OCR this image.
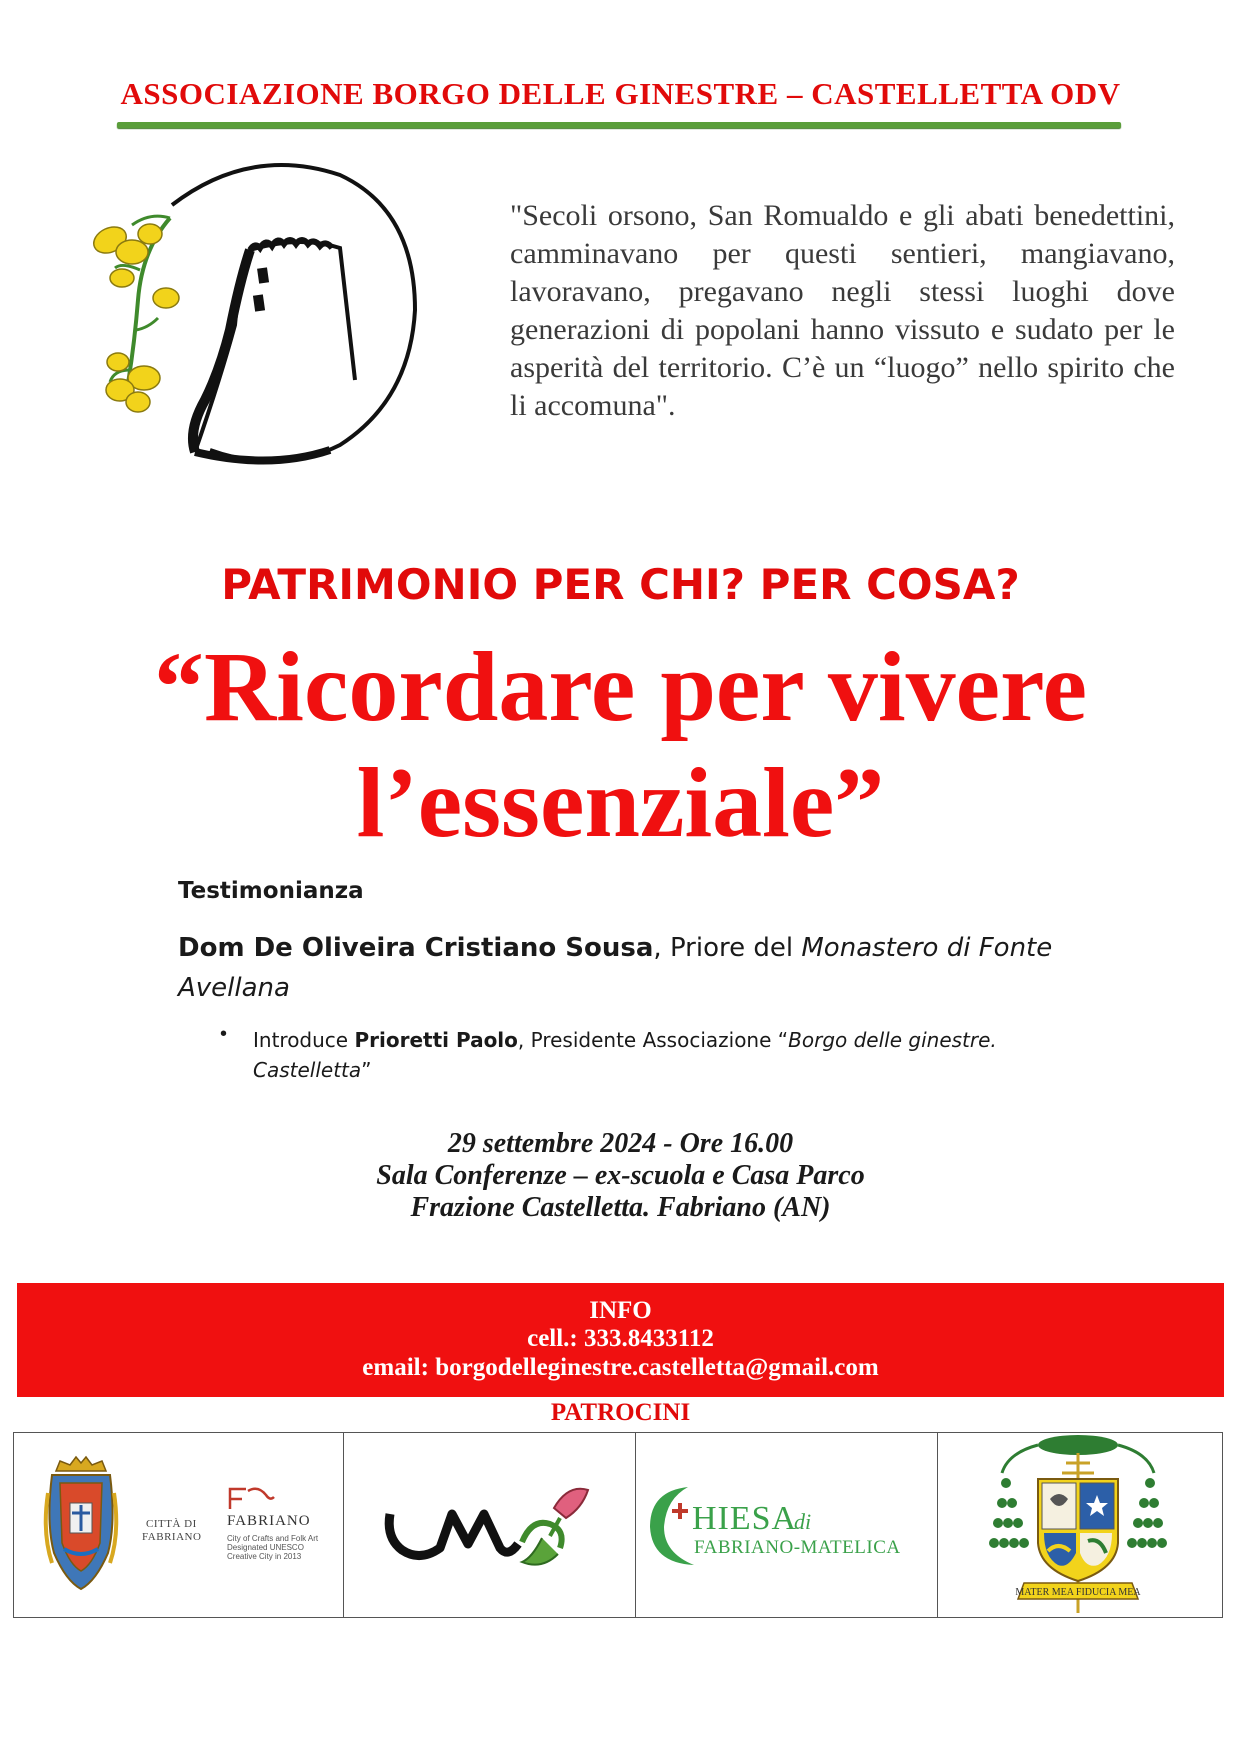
ASSOCIAZIONE BORGO DELLE GINESTRE – CASTELLETTA ODV
"Secoli orsono, San Romualdo e gli abati benedettini, camminavano per questi sentieri, mangiavano, lavoravano, pregavano negli stessi luoghi dove generazioni di popolani hanno vissuto e sudato per le asperità del territorio. C’è un “luogo” nello spirito che li accomuna".
PATRIMONIO PER CHI? PER COSA?
“Ricordare per vivere
l’essenziale”
Testimonianza
Dom De Oliveira Cristiano Sousa, Priore del Monastero di Fonte Avellana
• Introduce Prioretti Paolo, Presidente Associazione “Borgo delle ginestre. Castelletta”
29 settembre 2024 - Ore 16.00
Sala Conferenze – ex-scuola e Casa Parco
Frazione Castelletta. Fabriano (AN)
INFO
cell.: 333.8433112
email: borgodelleginestre.castelletta@gmail.com
PATROCINI
CITTÀ DI
FABRIANO
FABRIANO
City of Crafts and Folk Art
Designated UNESCO
Creative City in 2013
HIESA
di
FABRIANO-MATELICA
MATER MEA FIDUCIA MEA
